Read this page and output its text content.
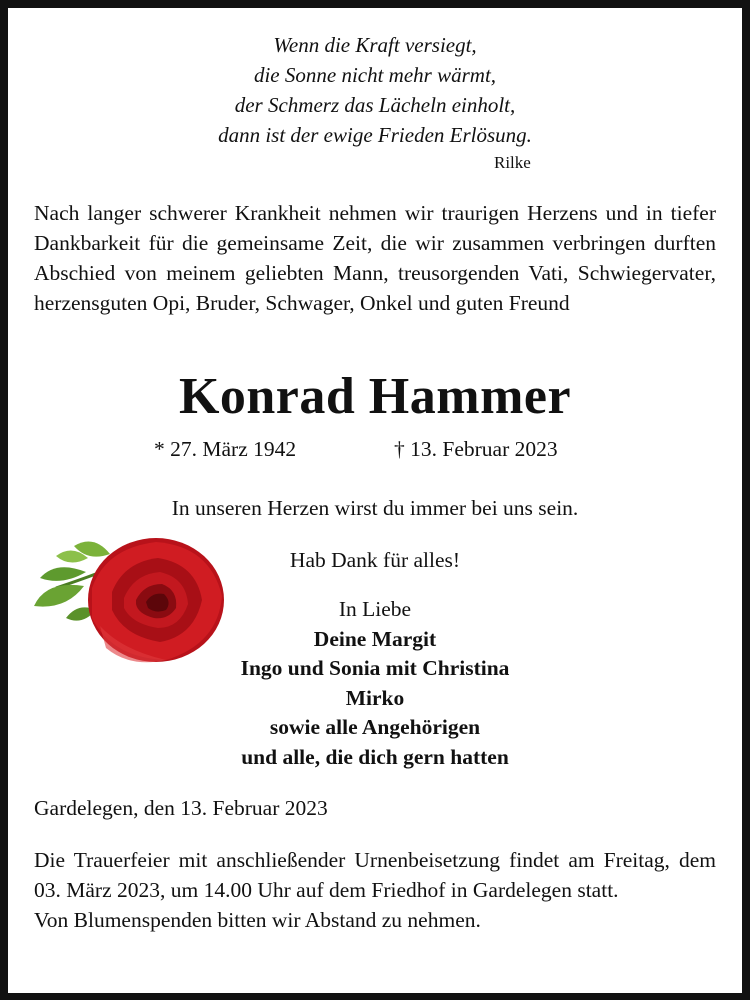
Wenn die Kraft versiegt,
die Sonne nicht mehr wärmt,
der Schmerz das Lächeln einholt,
dann ist der ewige Frieden Erlösung.
Rilke
Nach langer schwerer Krankheit nehmen wir traurigen Herzens und in tiefer Dankbarkeit für die gemeinsame Zeit, die wir zusammen verbringen durften Abschied von meinem geliebten Mann, treusorgenden Vati, Schwiegervater, herzensguten Opi, Bruder, Schwager, Onkel und guten Freund
Konrad Hammer
* 27. März 1942	† 13. Februar 2023
In unseren Herzen wirst du immer bei uns sein.
Hab Dank für alles!
In Liebe
Deine Margit
Ingo und Sonia mit Christina
Mirko
sowie alle Angehörigen
und alle, die dich gern hatten
Gardelegen, den 13. Februar 2023
Die Trauerfeier mit anschließender Urnenbeisetzung findet am Freitag, dem 03. März 2023, um 14.00 Uhr auf dem Friedhof in Gardelegen statt.
Von Blumenspenden bitten wir Abstand zu nehmen.
